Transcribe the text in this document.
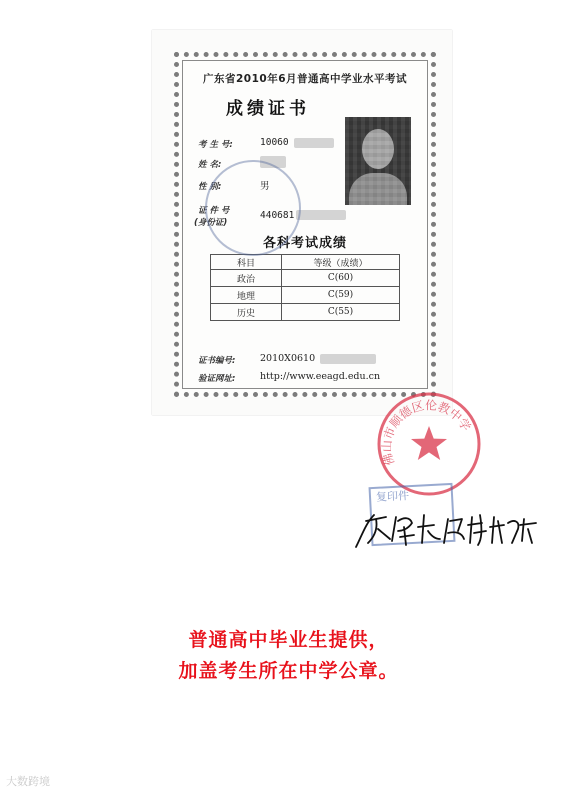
广东省2010年6月普通高中学业水平考试
成绩证书
考 生 号:	10060
姓 名:
性 别:	男
证 件 号
(身份证)
440681
各科考试成绩
科目	等级（成绩）
政治	C(60)
地理	C(59)
历史	C(55)
证书编号:	2010X0610
验证网址:	http://www.eeagd.edu.cn
佛山市顺德区伦教中学
复印件
普通高中毕业生提供，
加盖考生所在中学公章。
大数跨境
